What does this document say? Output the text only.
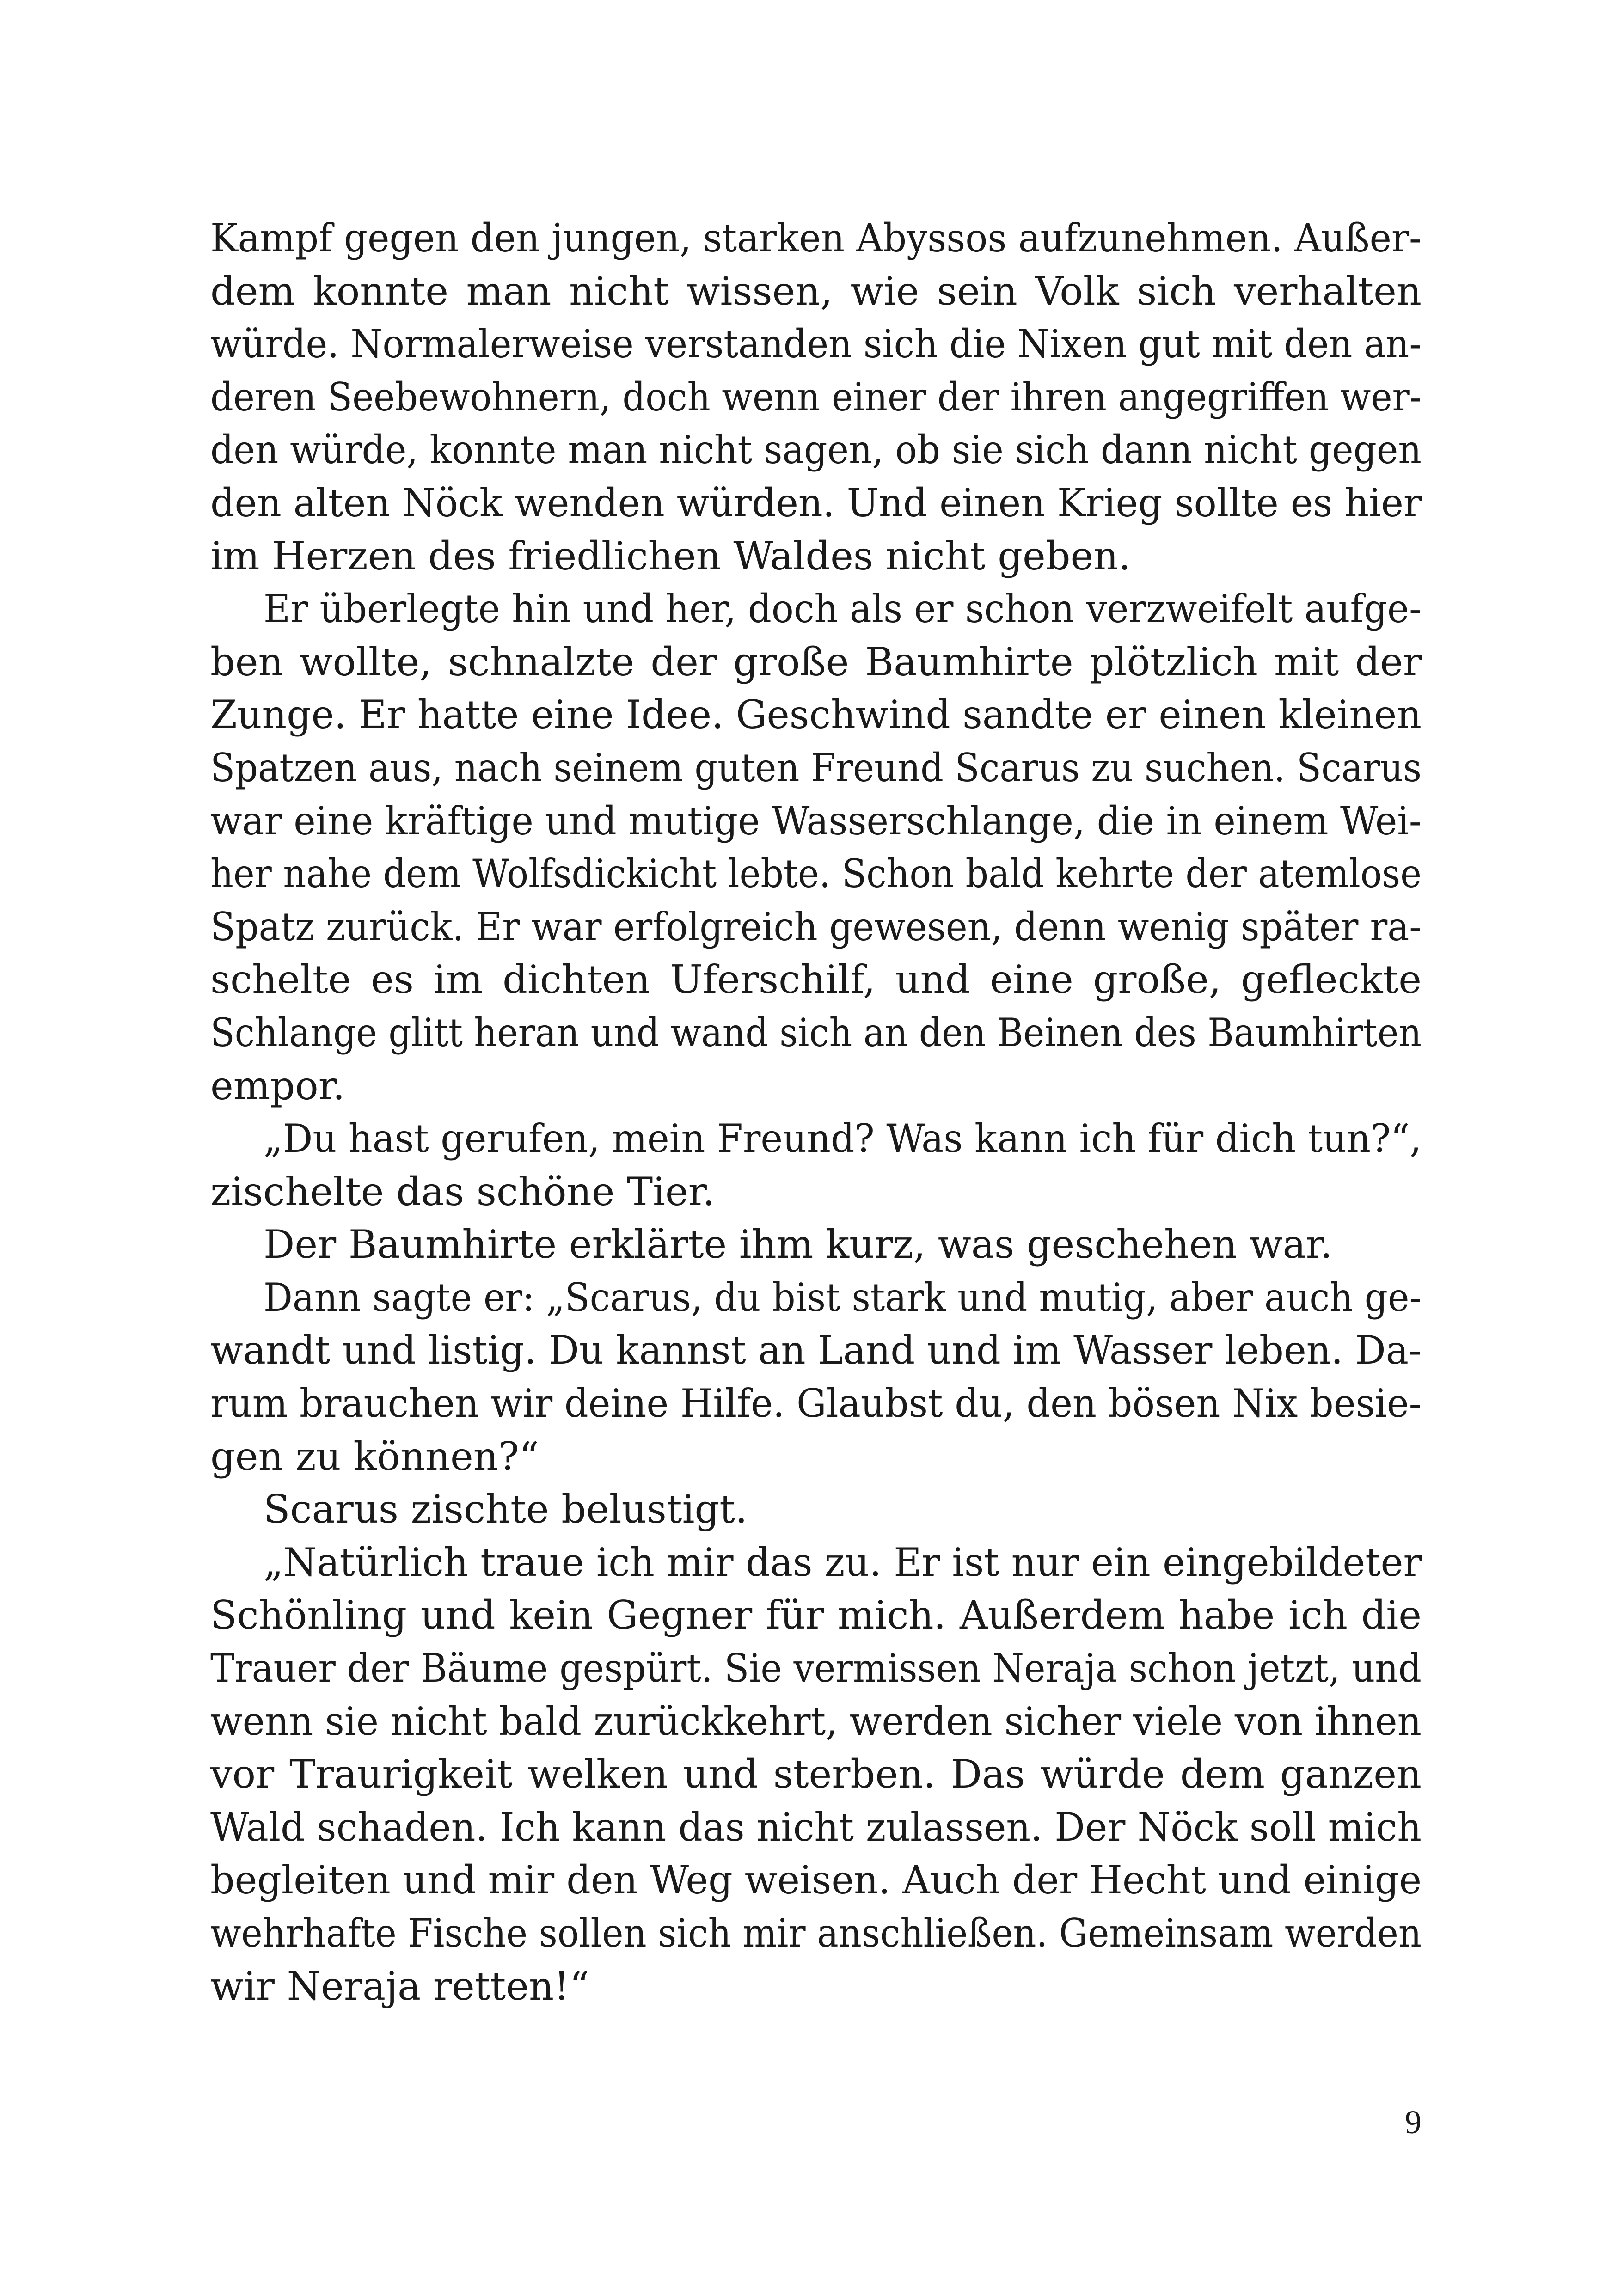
Kampf gegen den jungen, starken Abyssos aufzunehmen. Außer-
dem konnte man nicht wissen, wie sein Volk sich verhalten
würde. Normalerweise verstanden sich die Nixen gut mit den an-
deren Seebewohnern, doch wenn einer der ihren angegriffen wer-
den würde, konnte man nicht sagen, ob sie sich dann nicht gegen
den alten Nöck wenden würden. Und einen Krieg sollte es hier
im Herzen des friedlichen Waldes nicht geben.
Er überlegte hin und her, doch als er schon verzweifelt aufge-
ben wollte, schnalzte der große Baumhirte plötzlich mit der
Zunge. Er hatte eine Idee. Geschwind sandte er einen kleinen
Spatzen aus, nach seinem guten Freund Scarus zu suchen. Scarus
war eine kräftige und mutige Wasserschlange, die in einem Wei-
her nahe dem Wolfsdickicht lebte. Schon bald kehrte der atemlose
Spatz zurück. Er war erfolgreich gewesen, denn wenig später ra-
schelte es im dichten Uferschilf, und eine große, gefleckte
Schlange glitt heran und wand sich an den Beinen des Baumhirten
empor.
„Du hast gerufen, mein Freund? Was kann ich für dich tun?“,
zischelte das schöne Tier.
Der Baumhirte erklärte ihm kurz, was geschehen war.
Dann sagte er: „Scarus, du bist stark und mutig, aber auch ge-
wandt und listig. Du kannst an Land und im Wasser leben. Da-
rum brauchen wir deine Hilfe. Glaubst du, den bösen Nix besie-
gen zu können?“
Scarus zischte belustigt.
„Natürlich traue ich mir das zu. Er ist nur ein eingebildeter
Schönling und kein Gegner für mich. Außerdem habe ich die
Trauer der Bäume gespürt. Sie vermissen Neraja schon jetzt, und
wenn sie nicht bald zurückkehrt, werden sicher viele von ihnen
vor Traurigkeit welken und sterben. Das würde dem ganzen
Wald schaden. Ich kann das nicht zulassen. Der Nöck soll mich
begleiten und mir den Weg weisen. Auch der Hecht und einige
wehrhafte Fische sollen sich mir anschließen. Gemeinsam werden
wir Neraja retten!“
9
